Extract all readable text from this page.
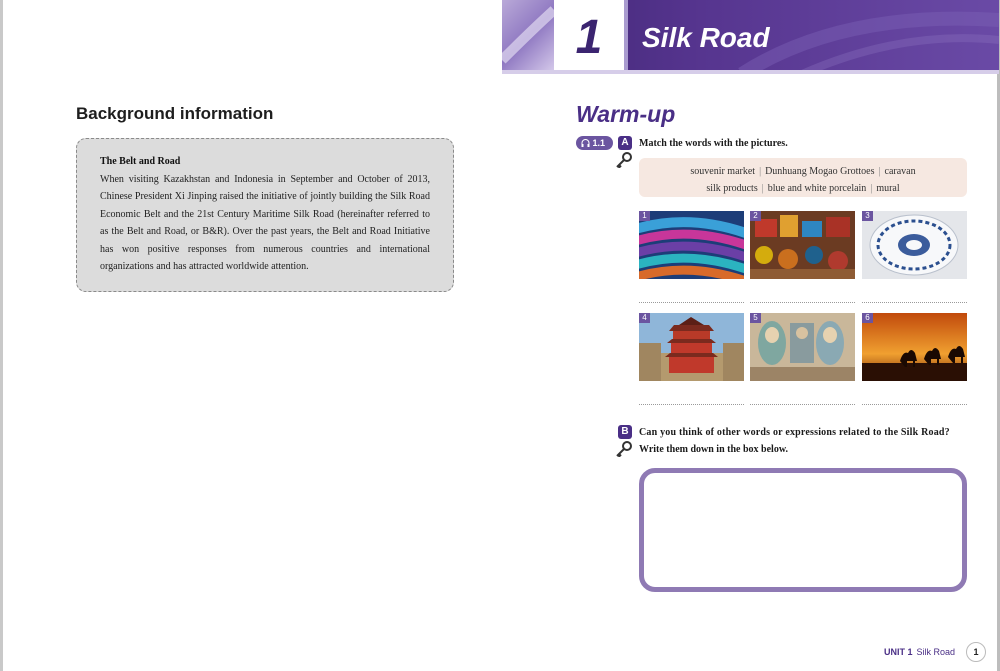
1	Silk Road
Background information
The Belt and Road
When visiting Kazakhstan and Indonesia in September and October of 2013, Chinese President Xi Jinping raised the initiative of jointly building the Silk Road Economic Belt and the 21st Century Maritime Silk Road (hereinafter referred to as the Belt and Road, or B&R). Over the past years, the Belt and Road Initiative has won positive responses from numerous countries and international organizations and has attracted worldwide attention.
Warm-up
1.1	A	Match the words with the pictures.
souvenir market | Dunhuang Mogao Grottoes | caravan
silk products | blue and white porcelain | mural
1	2	3
4	5	6
B	Can you think of other words or expressions related to the Silk Road?
Write them down in the box below.
UNIT 1 Silk Road	1
